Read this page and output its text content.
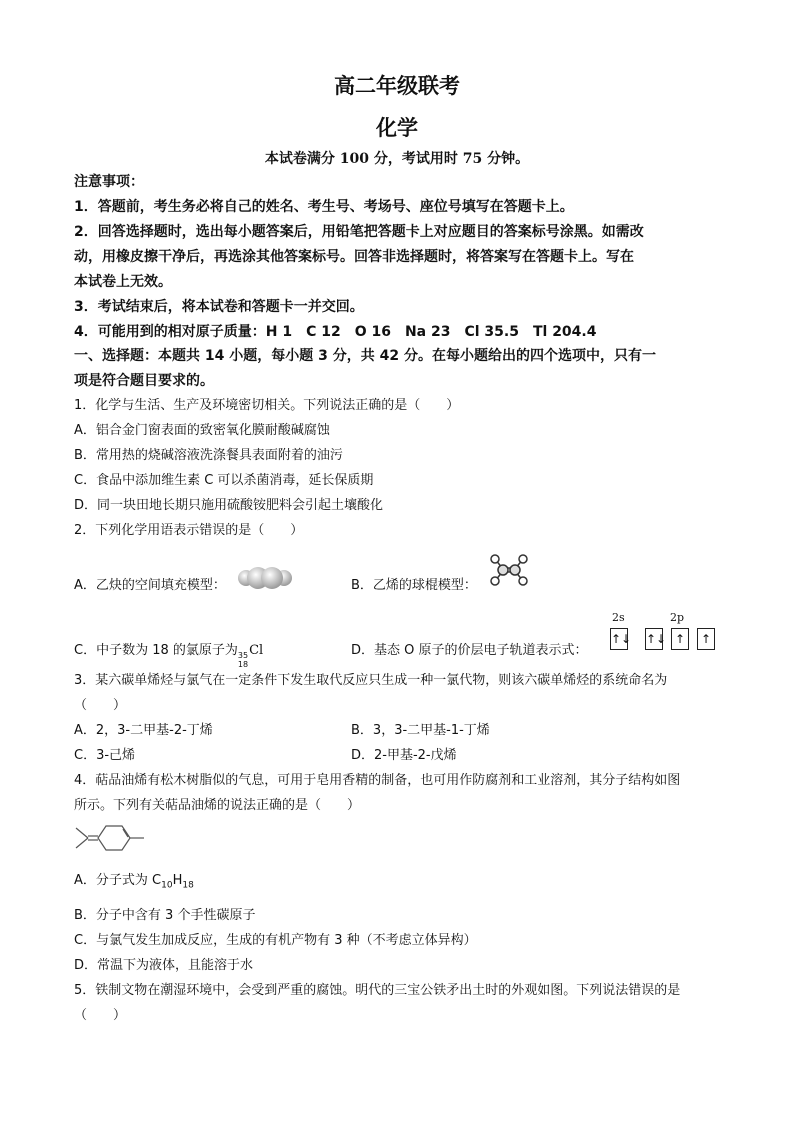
高二年级联考
化学
本试卷满分 100 分，考试用时 75 分钟。
注意事项：
1．答题前，考生务必将自己的姓名、考生号、考场号、座位号填写在答题卡上。
2．回答选择题时，选出每小题答案后，用铅笔把答题卡上对应题目的答案标号涂黑。如需改
动，用橡皮擦干净后，再选涂其他答案标号。回答非选择题时，将答案写在答题卡上。写在
本试卷上无效。
3．考试结束后，将本试卷和答题卡一并交回。
4．可能用到的相对原子质量：H 1　C 12　O 16　Na 23　Cl 35.5　Tl 204.4
一、选择题：本题共 14 小题，每小题 3 分，共 42 分。在每小题给出的四个选项中，只有一
项是符合题目要求的。
1．化学与生活、生产及环境密切相关。下列说法正确的是（　　）
A．铝合金门窗表面的致密氧化膜耐酸碱腐蚀
B．常用热的烧碱溶液洗涤餐具表面附着的油污
C．食品中添加维生素 C 可以杀菌消毒，延长保质期
D．同一块田地长期只施用硫酸铵肥料会引起土壤酸化
2．下列化学用语表示错误的是（　　）
A．乙炔的空间填充模型：	B．乙烯的球棍模型：
C．中子数为 18 的氯原子为 35
18
Cl	D．基态 O 原子的价层电子轨道表示式：
2s	2p
↑↓ ↑↓ ↑	↑
3．某六碳单烯烃与氯气在一定条件下发生取代反应只生成一种一氯代物，则该六碳单烯烃的系统命名为
（　　）
A．2，3-二甲基-2-丁烯	B．3，3-二甲基-1-丁烯
C．3-己烯	D．2-甲基-2-戊烯
4．萜品油烯有松木树脂似的气息，可用于皂用香精的制备，也可用作防腐剂和工业溶剂，其分子结构如图
所示。下列有关萜品油烯的说法正确的是（　　）
A．分子式为 $C_{10}H_{18}$
B．分子中含有 3 个手性碳原子
C．与氯气发生加成反应，生成的有机产物有 3 种（不考虑立体异构）
D．常温下为液体，且能溶于水
5．铁制文物在潮湿环境中，会受到严重的腐蚀。明代的三宝公铁矛出土时的外观如图。下列说法错误的是
（　　）
